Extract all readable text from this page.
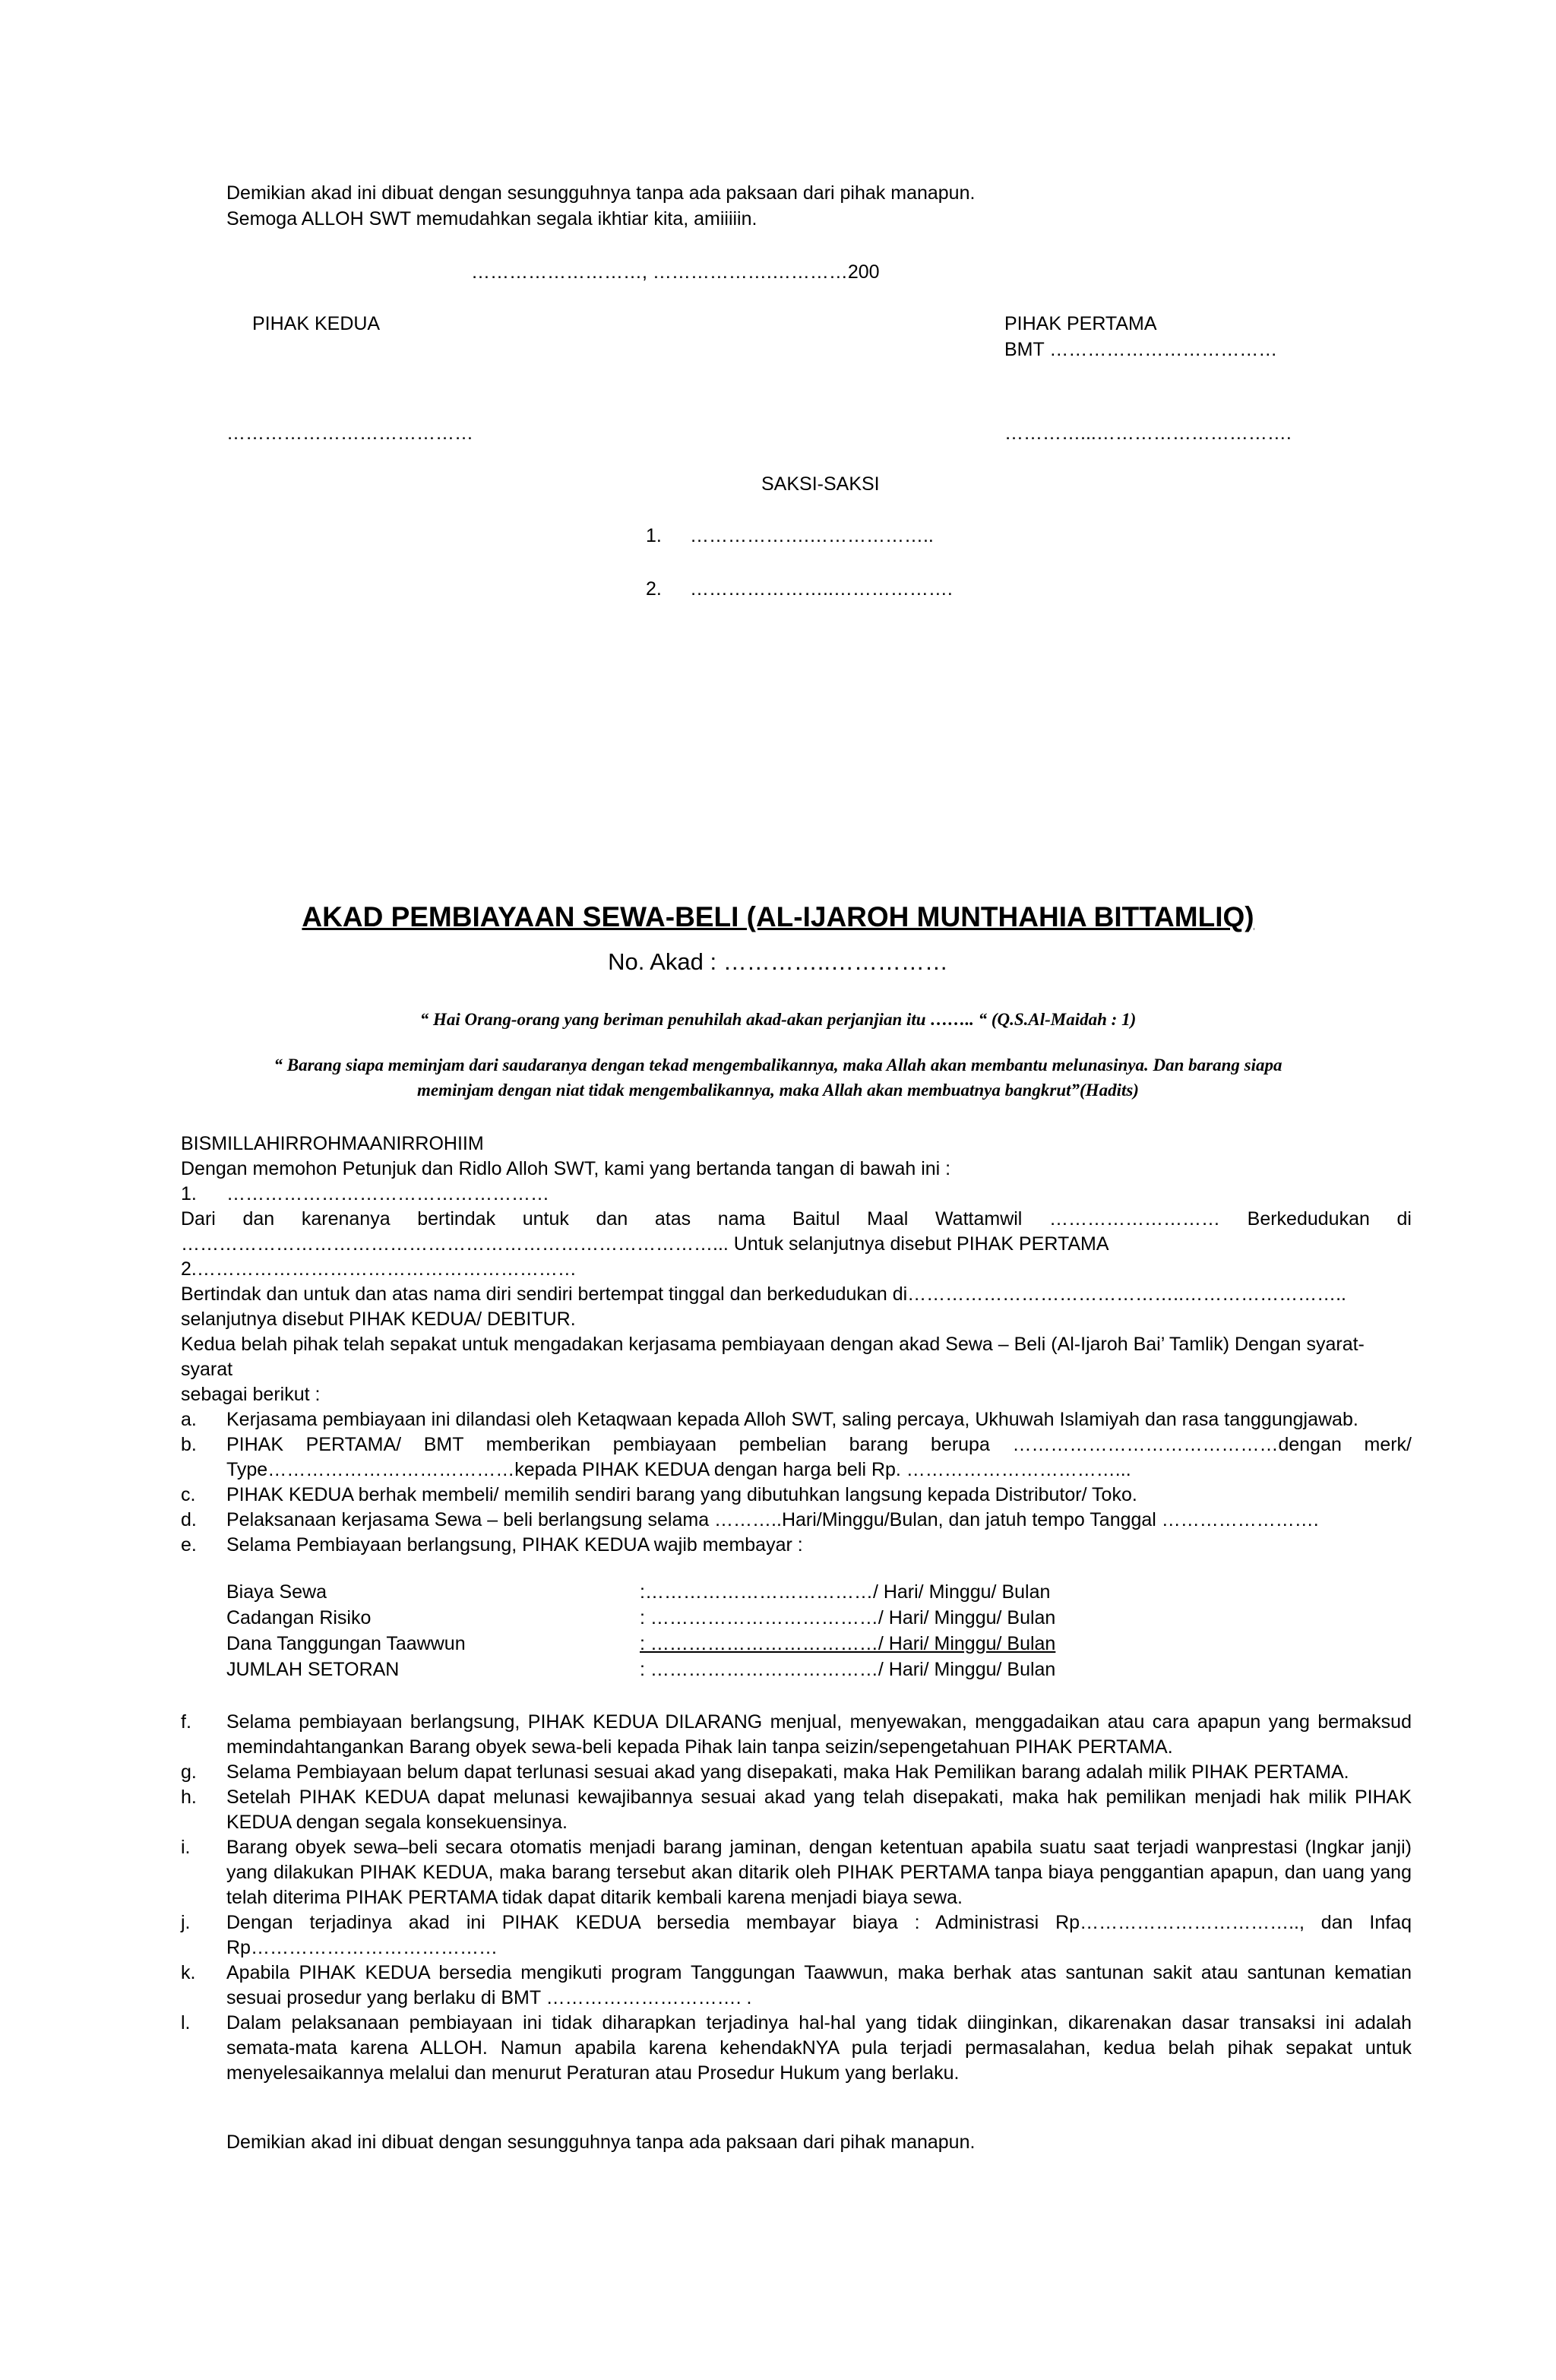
Demikian akad ini dibuat dengan sesungguhnya tanpa ada paksaan dari pihak manapun.
Semoga ALLOH SWT memudahkan segala ikhtiar kita, amiiiiin.
………………………, ……………….…………200
PIHAK KEDUA	PIHAK PERTAMA
BMT ………………………………
…………………………………	…………...………………………….
SAKSI-SAKSI
1. ……………….………………..
2. …………………..……………….
AKAD PEMBIAYAAN SEWA-BELI (AL-IJAROH MUNTHAHIA BITTAMLIQ)
No. Akad : …………..……………
“ Hai Orang-orang yang beriman penuhilah akad-akan perjanjian itu …….. “ (Q.S.Al-Maidah : 1)
“ Barang siapa meminjam dari saudaranya dengan tekad mengembalikannya, maka Allah akan membantu melunasinya. Dan barang siapa
meminjam dengan niat tidak mengembalikannya, maka Allah akan membuatnya bangkrut”(Hadits)
BISMILLAHIRROHMAANIRROHIIM
Dengan memohon Petunjuk dan Ridlo Alloh SWT, kami yang bertanda tangan di bawah ini :
1.	……………………………………………
Dari dan karenanya bertindak untuk dan atas nama Baitul Maal Wattamwil ……………………… Berkedudukan di
…………………………………………………………………………... Untuk selanjutnya disebut PIHAK PERTAMA
2.……………………………………………………
Bertindak dan untuk dan atas nama diri sendiri bertempat tinggal dan berkedudukan di……………………………………..……………………..
selanjutnya disebut PIHAK KEDUA/ DEBITUR.
Kedua belah pihak telah sepakat untuk mengadakan kerjasama pembiayaan dengan akad Sewa – Beli (Al-Ijaroh Bai’ Tamlik) Dengan syarat-syarat
sebagai berikut :
a. Kerjasama pembiayaan ini dilandasi oleh Ketaqwaan kepada Alloh SWT, saling percaya, Ukhuwah Islamiyah dan rasa tanggungjawab.
b. PIHAK PERTAMA/ BMT memberikan pembiayaan pembelian barang berupa ……………………………………dengan merk/ Type…………………………………kepada PIHAK KEDUA dengan harga beli Rp. ……………………………...
c. PIHAK KEDUA berhak membeli/ memilih sendiri barang yang dibutuhkan langsung kepada Distributor/ Toko.
d. Pelaksanaan kerjasama Sewa – beli berlangsung selama ………..Hari/Minggu/Bulan, dan jatuh tempo Tanggal …………………….
e. Selama Pembiayaan berlangsung, PIHAK KEDUA wajib membayar :
Biaya Sewa	:………………………………/ Hari/ Minggu/ Bulan
Cadangan Risiko	: ………………………………/ Hari/ Minggu/ Bulan
Dana Tanggungan Taawwun	: ………………………………/ Hari/ Minggu/ Bulan
JUMLAH SETORAN	: ………………………………/ Hari/ Minggu/ Bulan
f. Selama pembiayaan berlangsung, PIHAK KEDUA DILARANG menjual, menyewakan, menggadaikan atau cara apapun yang bermaksud memindahtangankan Barang obyek sewa-beli kepada Pihak lain tanpa seizin/sepengetahuan PIHAK PERTAMA.
g. Selama Pembiayaan belum dapat terlunasi sesuai akad yang disepakati, maka Hak Pemilikan barang adalah milik PIHAK PERTAMA.
h. Setelah PIHAK KEDUA dapat melunasi kewajibannya sesuai akad yang telah disepakati, maka hak pemilikan menjadi hak milik PIHAK KEDUA dengan segala konsekuensinya.
i. Barang obyek sewa–beli secara otomatis menjadi barang jaminan, dengan ketentuan apabila suatu saat terjadi wanprestasi (Ingkar janji) yang dilakukan PIHAK KEDUA, maka barang tersebut akan ditarik oleh PIHAK PERTAMA tanpa biaya penggantian apapun, dan uang yang telah diterima PIHAK PERTAMA tidak dapat ditarik kembali karena menjadi biaya sewa.
j. Dengan terjadinya akad ini PIHAK KEDUA bersedia membayar biaya : Administrasi Rp…………………………….., dan Infaq Rp…………………………………
k. Apabila PIHAK KEDUA bersedia mengikuti program Tanggungan Taawwun, maka berhak atas santunan sakit atau santunan kematian sesuai prosedur yang berlaku di BMT …………………………. .
l. Dalam pelaksanaan pembiayaan ini tidak diharapkan terjadinya hal-hal yang tidak diinginkan, dikarenakan dasar transaksi ini adalah semata-mata karena ALLOH. Namun apabila karena kehendakNYA pula terjadi permasalahan, kedua belah pihak sepakat untuk menyelesaikannya melalui dan menurut Peraturan atau Prosedur Hukum yang berlaku.
Demikian akad ini dibuat dengan sesungguhnya tanpa ada paksaan dari pihak manapun.
